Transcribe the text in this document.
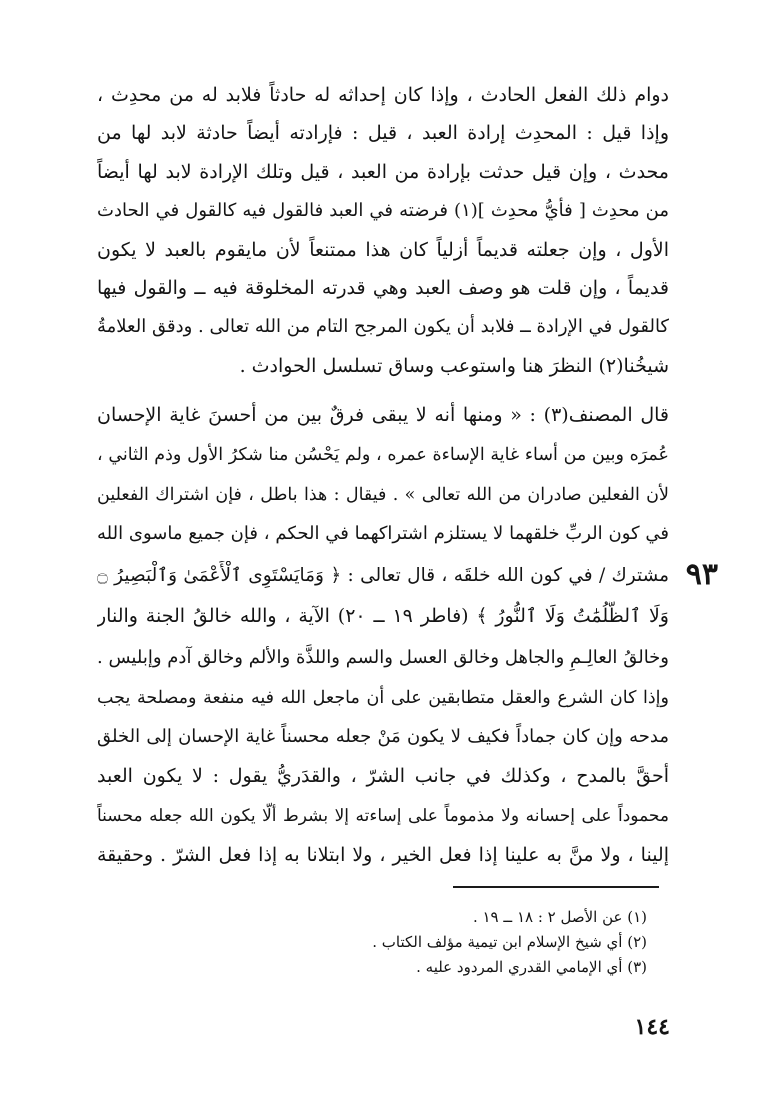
دوام ذلك الفعل الحادث ، وإذا كان إحداثه له حادثاً فلابد له من محدِث ،
وإذا قيل : المحدِث إرادة العبد ، قيل : فإرادته أيضاً حادثة لابد لها من
محدث ، وإن قيل حدثت بإرادة من العبد ، قيل وتلك الإرادة لابد لها أيضاً
من محدِث [ فأيُّ محدِث ](١) فرضته في العبد فالقول فيه كالقول في الحادث
الأول ، وإن جعلته قديماً أزلياً كان هذا ممتنعاً لأن مايقوم بالعبد لا يكون
قديماً ، وإن قلت هو وصف العبد وهي قدرته المخلوقة فيه ــ والقول فيها
كالقول في الإرادة ــ فلابد أن يكون المرجح التام من الله تعالى . ودقق العلامةُ
شيخُنا(٢) النظرَ هنا واستوعب وساق تسلسل الحوادث .
قال المصنف(٣) : « ومنها أنه لا يبقى فرقٌ بين من أحسنَ غاية الإحسان
عُمرَه وبين من أساء غاية الإساءة عمره ، ولم يَحْسُن منا شكرُ الأول وذم الثاني ،
لأن الفعلين صادران من الله تعالى » . فيقال : هذا باطل ، فإن اشتراك الفعلين
في كون الربِّ خلقهما لا يستلزم اشتراكهما في الحكم ، فإن جميع ماسوى الله
مشترك / في كون الله خلقَه ، قال تعالى : ﴿ وَمَايَسْتَوِى ٱلْأَعْمَىٰ وَٱلْبَصِيرُ ۝
وَلَا ٱلظُّلُمَٰتُ وَلَا ٱلنُّورُ ﴾ (فاطر ١٩ ــ ٢٠) الآية ، والله خالقُ الجنة والنار
وخالقُ العالِـمِ والجاهل وخالق العسل والسم واللذَّة والألم وخالق آدم وإبليس .
وإذا كان الشرع والعقل متطابقين على أن ماجعل الله فيه منفعة ومصلحة يجب
مدحه وإن كان جماداً فكيف لا يكون مَنْ جعله محسناً غاية الإحسان إلى الخلق
أحقَّ بالمدح ، وكذلك في جانب الشرّ ، والقدَريُّ يقول : لا يكون العبد
محموداً على إحسانه ولا مذموماً على إساءته إلا بشرط ألّا يكون الله جعله محسناً
إلينا ، ولا منَّ به علينا إذا فعل الخير ، ولا ابتلانا به إذا فعل الشرّ . وحقيقة
٩٣
(١) عن الأصل ٢ : ١٨ ــ ١٩ .
(٢) أي شيخ الإسلام ابن تيمية مؤلف الكتاب .
(٣) أي الإمامي القدري المردود عليه .
١٤٤
